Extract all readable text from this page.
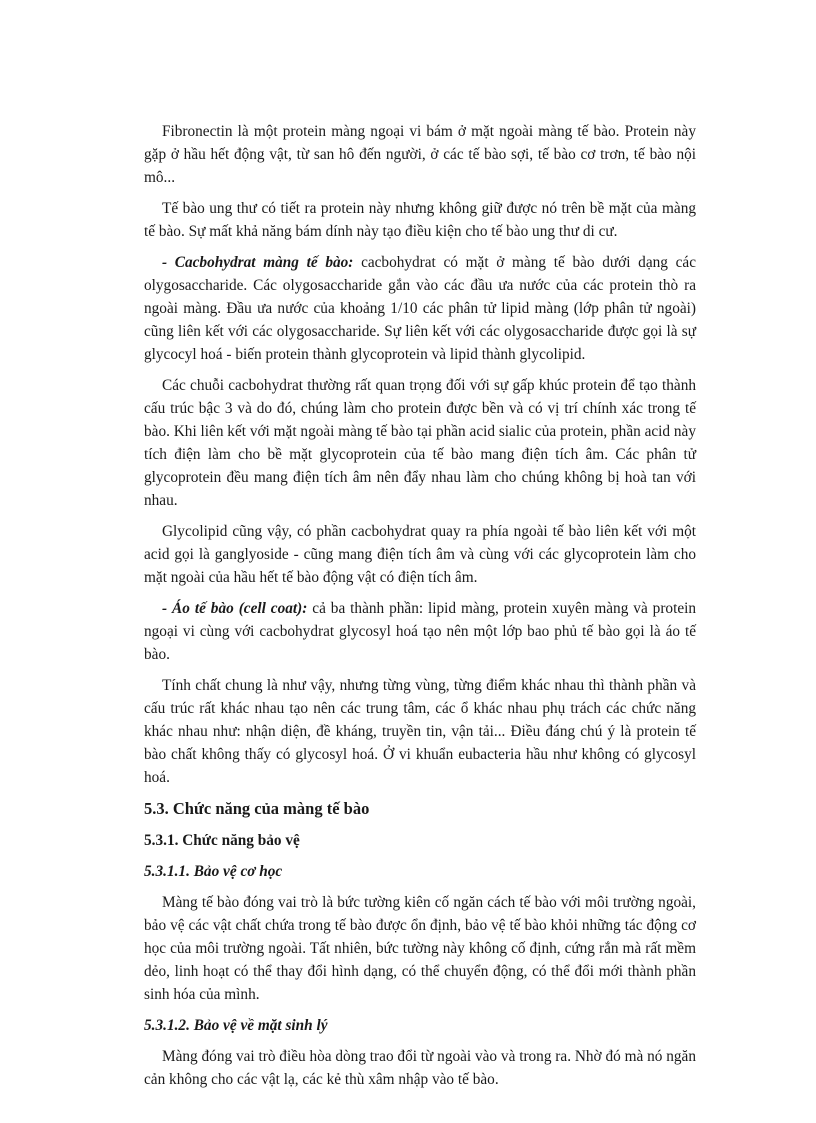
Fibronectin là một protein màng ngoại vi bám ở mặt ngoài màng tế bào. Protein này gặp ở hầu hết động vật, từ san hô đến người, ở các tế bào sợi, tế bào cơ trơn, tế bào nội mô...

Tế bào ung thư có tiết ra protein này nhưng không giữ được nó trên bề mặt của màng tế bào. Sự mất khả năng bám dính này tạo điều kiện cho tế bào ung thư di cư.

- Cacbohydrat màng tế bào: cacbohydrat có mặt ở màng tế bào dưới dạng các olygosaccharide. Các olygosaccharide gắn vào các đầu ưa nước của các protein thò ra ngoài màng. Đầu ưa nước của khoảng 1/10 các phân tử lipid màng (lớp phân tử ngoài) cũng liên kết với các olygosaccharide. Sự liên kết với các olygosaccharide được gọi là sự glycocyl hoá - biến protein thành glycoprotein và lipid thành glycolipid.

Các chuỗi cacbohydrat thường rất quan trọng đối với sự gấp khúc protein để tạo thành cấu trúc bậc 3 và do đó, chúng làm cho protein được bền và có vị trí chính xác trong tế bào. Khi liên kết với mặt ngoài màng tế bào tại phần acid sialic của protein, phần acid này tích điện làm cho bề mặt glycoprotein của tế bào mang điện tích âm. Các phân tử glycoprotein đều mang điện tích âm nên đẩy nhau làm cho chúng không bị hoà tan với nhau.

Glycolipid cũng vậy, có phần cacbohydrat quay ra phía ngoài tế bào liên kết với một acid gọi là ganglyoside - cũng mang điện tích âm và cùng với các glycoprotein làm cho mặt ngoài của hầu hết tế bào động vật có điện tích âm.

- Áo tế bào (cell coat): cả ba thành phần: lipid màng, protein xuyên màng và protein ngoại vi cùng với cacbohydrat glycosyl hoá tạo nên một lớp bao phủ tế bào gọi là áo tế bào.

Tính chất chung là như vậy, nhưng từng vùng, từng điểm khác nhau thì thành phần và cấu trúc rất khác nhau tạo nên các trung tâm, các ổ khác nhau phụ trách các chức năng khác nhau như: nhận diện, đề kháng, truyền tin, vận tải... Điều đáng chú ý là protein tế bào chất không thấy có glycosyl hoá. Ở vi khuẩn eubacteria hầu như không có glycosyl hoá.

5.3. Chức năng của màng tế bào
5.3.1. Chức năng bảo vệ
5.3.1.1. Bảo vệ cơ học

Màng tế bào đóng vai trò là bức tường kiên cố ngăn cách tế bào với môi trường ngoài, bảo vệ các vật chất chứa trong tế bào được ổn định, bảo vệ tế bào khỏi những tác động cơ học của môi trường ngoài. Tất nhiên, bức tường này không cố định, cứng rắn mà rất mềm dẻo, linh hoạt có thể thay đổi hình dạng, có thể chuyển động, có thể đổi mới thành phần sinh hóa của mình.

5.3.1.2. Bảo vệ về mặt sinh lý

Màng đóng vai trò điều hòa dòng trao đổi từ ngoài vào và trong ra. Nhờ đó mà nó ngăn cản không cho các vật lạ, các kẻ thù xâm nhập vào tế bào.
